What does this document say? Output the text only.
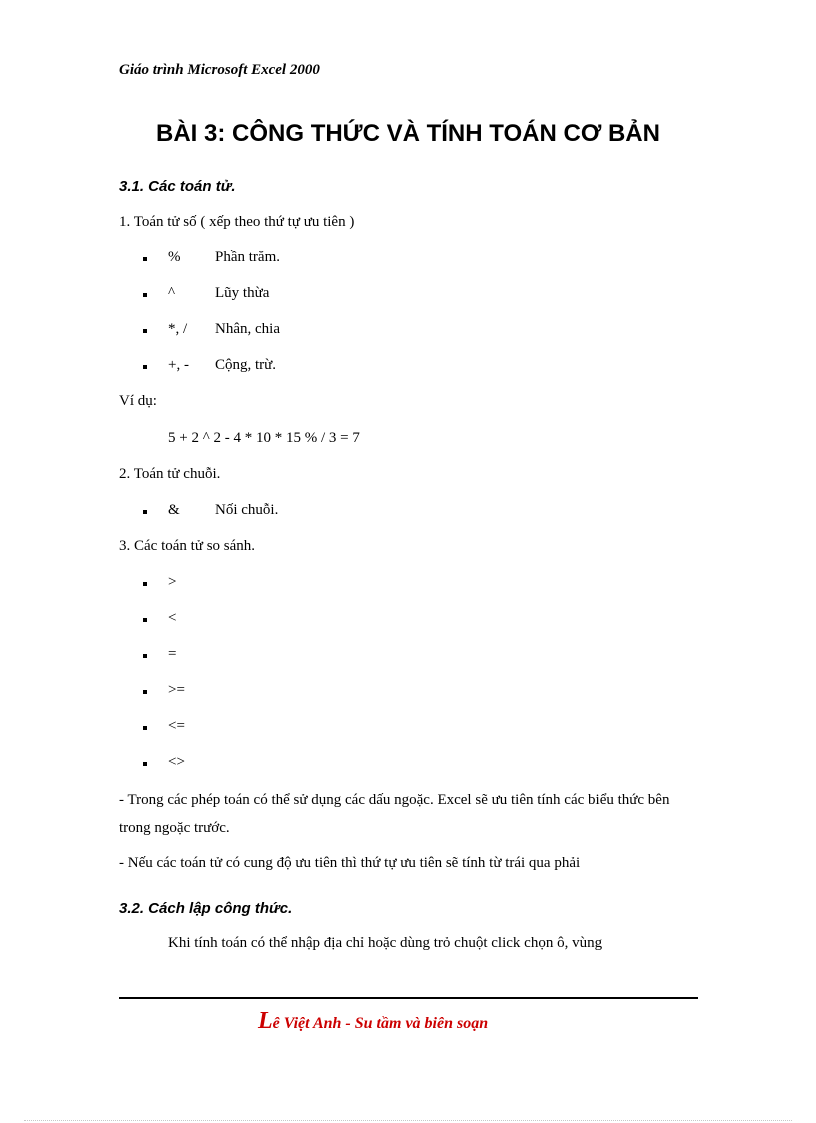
Giáo trình Microsoft Excel 2000
BÀI 3: CÔNG THỨC VÀ TÍNH TOÁN CƠ BẢN
3.1. Các toán tử.
1. Toán tử số ( xếp theo thứ tự ưu tiên )
% Phần trăm.
^	Lũy thừa
*, / Nhân, chia
+, - Cộng, trừ.
Ví dụ:
5 + 2 ^ 2 - 4 * 10 * 15 % / 3 = 7
2. Toán tử chuỗi.
& Nối chuỗi.
3. Các toán tử so sánh.
>
<
=
>=
<=
<>
- Trong các phép toán có thể sử dụng các dấu ngoặc. Excel sẽ ưu tiên tính các biểu thức bên trong ngoặc trước.
- Nếu các toán tử có cung độ ưu tiên thì thứ tự ưu tiên sẽ tính từ trái qua phải
3.2. Cách lập công thức.
Khi tính toán có thể nhập địa chỉ hoặc dùng trỏ chuột click chọn ô, vùng
Lê Việt Anh - Su tầm và biên soạn
